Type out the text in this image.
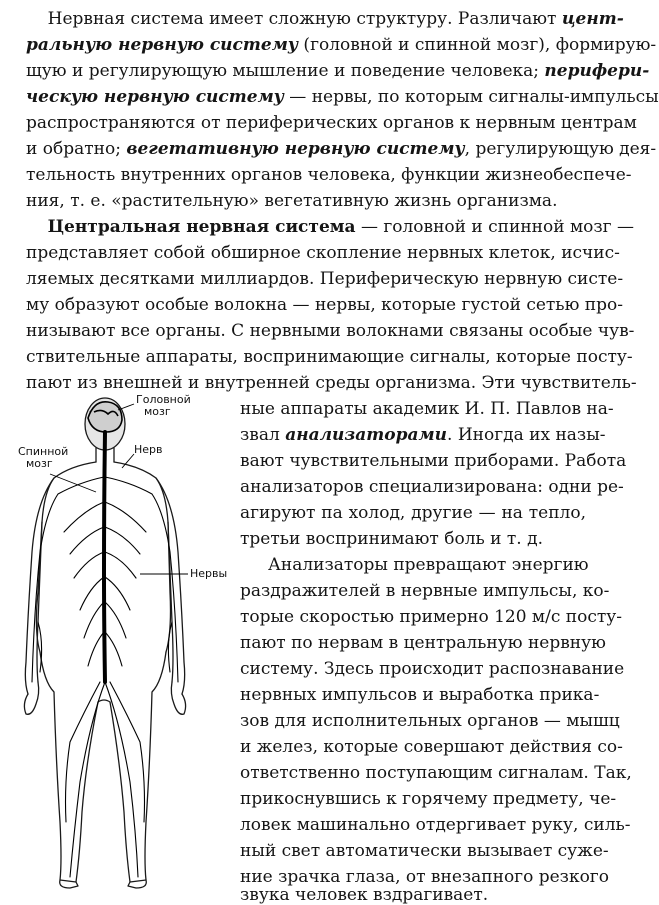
Нервная система имеет сложную структуру. Различают цент-
ральную нервную систему (головной и спинной мозг), формирую-
щую и регулирующую мышление и поведение человека; перифери-
ческую нервную систему — нервы, по которым сигналы-импульсы
распространяются от периферических органов к нервным центрам
и обратно; вегетативную нервную систему, регулирующую дея-
тельность внутренних органов человека, функции жизнеобеспече-
ния, т. е. «растительную» вегетативную жизнь организма.
Центральная нервная система — головной и спинной мозг —
представляет собой обширное скопление нервных клеток, исчис-
ляемых десятками миллиардов. Периферическую нервную систе-
му образуют особые волокна — нервы, которые густой сетью про-
низывают все органы. С нервными волокнами связаны особые чув-
ствительные аппараты, воспринимающие сигналы, которые посту-
пают из внешней и внутренней среды организма. Эти чувствитель-
ные аппараты академик И. П. Павлов на-
звал анализаторами. Иногда их назы-
вают чувствительными приборами. Работа
анализаторов специализирована: одни ре-
агируют па холод, другие — на тепло,
третьи воспринимают боль и т. д.
Анализаторы превращают энергию
раздражителей в нервные импульсы, ко-
торые скоростью примерно 120 м/с посту-
пают по нервам в центральную нервную
систему. Здесь происходит распознавание
нервных импульсов и выработка прика-
зов для исполнительных органов — мышц
и желез, которые совершают действия со-
ответственно поступающим сигналам. Так,
прикоснувшись к горячему предмету, че-
ловек машинально отдергивает руку, силь-
ный свет автоматически вызывает суже-
ние зрачка глаза, от внезапного резкого
звука человек вздрагивает.
Головной
мозг
Спинной
мозг
Нерв
Нервы
